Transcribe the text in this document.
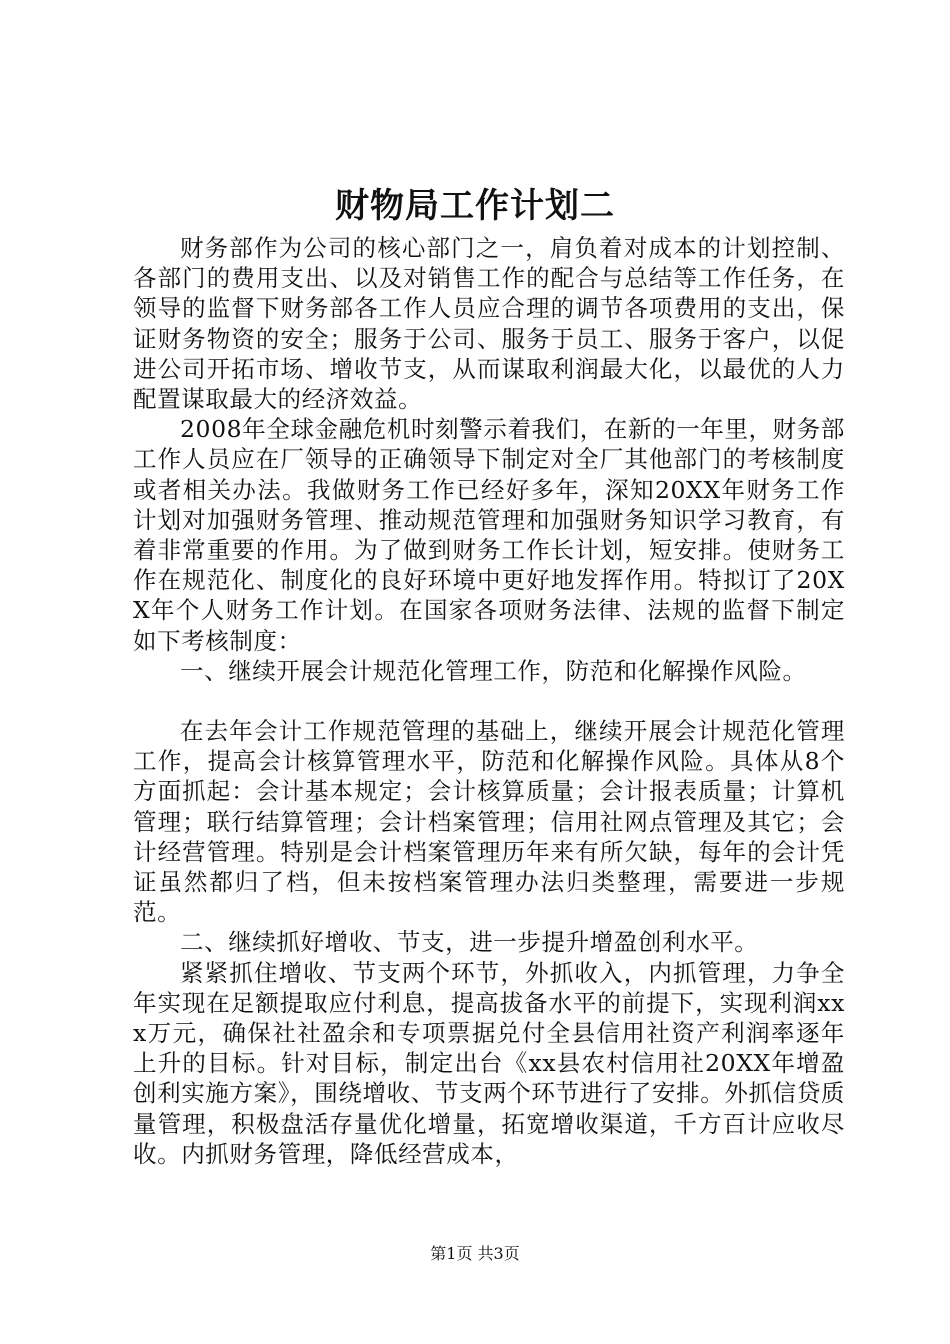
财物局工作计划二

财务部作为公司的核心部门之一，肩负着对成本的计划控制、各部门的费用支出、以及对销售工作的配合与总结等工作任务，在领导的监督下财务部各工作人员应合理的调节各项费用的支出，保证财务物资的安全；服务于公司、服务于员工、服务于客户，以促进公司开拓市场、增收节支，从而谋取利润最大化，以最优的人力配置谋取最大的经济效益。

2008年全球金融危机时刻警示着我们，在新的一年里，财务部工作人员应在厂领导的正确领导下制定对全厂其他部门的考核制度或者相关办法。我做财务工作已经好多年，深知20XX年财务工作计划对加强财务管理、推动规范管理和加强财务知识学习教育，有着非常重要的作用。为了做到财务工作长计划，短安排。使财务工作在规范化、制度化的良好环境中更好地发挥作用。特拟订了20XX年个人财务工作计划。在国家各项财务法律、法规的监督下制定如下考核制度：

一、继续开展会计规范化管理工作，防范和化解操作风险。

在去年会计工作规范管理的基础上，继续开展会计规范化管理工作，提高会计核算管理水平，防范和化解操作风险。具体从8个方面抓起：会计基本规定；会计核算质量；会计报表质量；计算机管理；联行结算管理；会计档案管理；信用社网点管理及其它；会计经营管理。特别是会计档案管理历年来有所欠缺，每年的会计凭证虽然都归了档，但未按档案管理办法归类整理，需要进一步规范。

二、继续抓好增收、节支，进一步提升增盈创利水平。

紧紧抓住增收、节支两个环节，外抓收入，内抓管理，力争全年实现在足额提取应付利息，提高拔备水平的前提下，实现利润xxx万元，确保社社盈余和专项票据兑付全县信用社资产利润率逐年上升的目标。针对目标，制定出台《xx县农村信用社20XX年增盈创利实施方案》，围绕增收、节支两个环节进行了安排。外抓信贷质量管理，积极盘活存量优化增量，拓宽增收渠道，千方百计应收尽收。内抓财务管理，降低经营成本，

第1页 共3页
